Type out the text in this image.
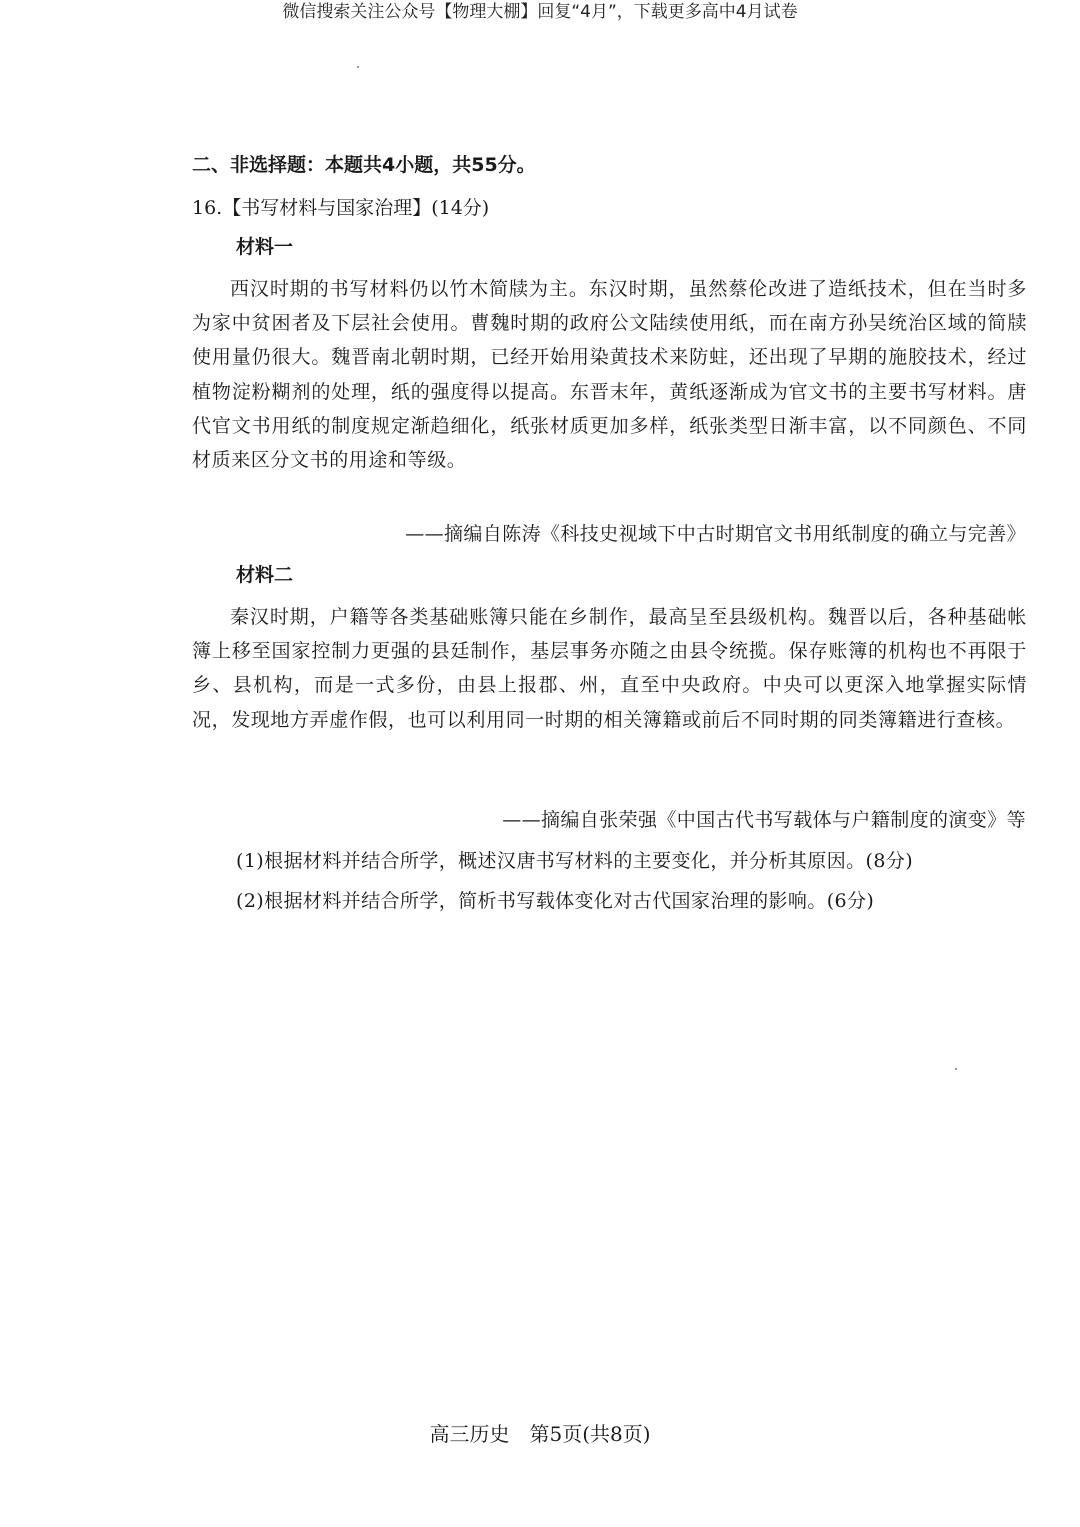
微信搜索关注公众号【物理大棚】回复“4月”，下载更多高中4月试卷
二、非选择题：本题共4小题，共55分。
16.【书写材料与国家治理】(14分)
材料一
西汉时期的书写材料仍以竹木简牍为主。东汉时期，虽然蔡伦改进了造纸技术，但在当时多为家中贫困者及下层社会使用。曹魏时期的政府公文陆续使用纸，而在南方孙吴统治区域的简牍使用量仍很大。魏晋南北朝时期，已经开始用染黄技术来防蛀，还出现了早期的施胶技术，经过植物淀粉糊剂的处理，纸的强度得以提高。东晋末年，黄纸逐渐成为官文书的主要书写材料。唐代官文书用纸的制度规定渐趋细化，纸张材质更加多样，纸张类型日渐丰富，以不同颜色、不同材质来区分文书的用途和等级。
——摘编自陈涛《科技史视域下中古时期官文书用纸制度的确立与完善》
材料二
秦汉时期，户籍等各类基础账簿只能在乡制作，最高呈至县级机构。魏晋以后，各种基础帐簿上移至国家控制力更强的县廷制作，基层事务亦随之由县令统揽。保存账簿的机构也不再限于乡、县机构，而是一式多份，由县上报郡、州，直至中央政府。中央可以更深入地掌握实际情况，发现地方弄虚作假，也可以利用同一时期的相关簿籍或前后不同时期的同类簿籍进行查核。
——摘编自张荣强《中国古代书写载体与户籍制度的演变》等
(1)根据材料并结合所学，概述汉唐书写材料的主要变化，并分析其原因。(8分)
(2)根据材料并结合所学，简析书写载体变化对古代国家治理的影响。(6分)
高三历史　第5页(共8页)
